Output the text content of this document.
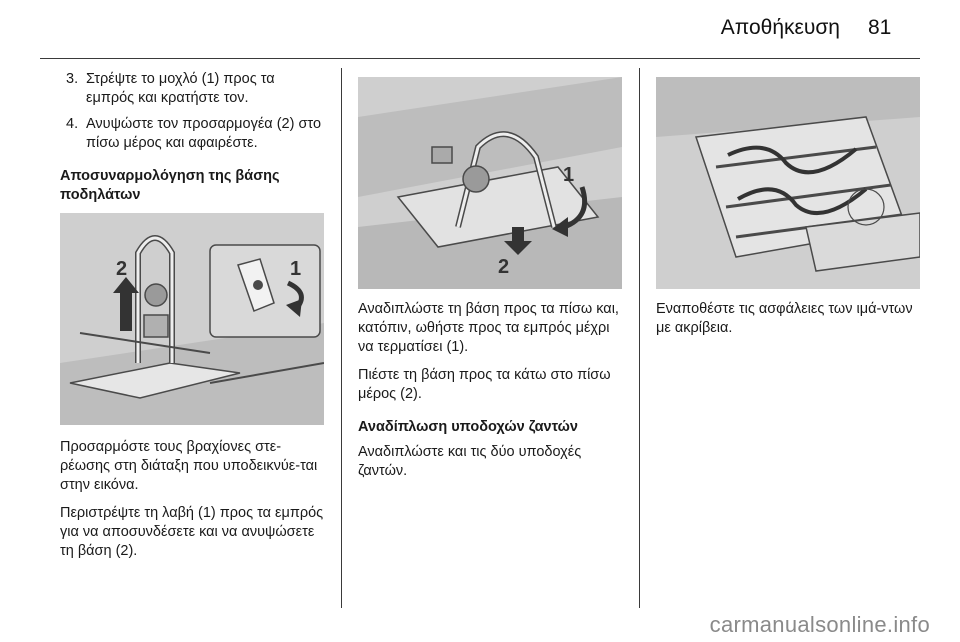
Αποθήκευση 81
3. Στρέψτε το μοχλό (1) προς τα εμπρός και κρατήστε τον.
4. Ανυψώστε τον προσαρμογέα (2) στο πίσω μέρος και αφαιρέστε.
Αποσυναρμολόγηση της βάσης ποδηλάτων
2	1

Προσαρμόστε τους βραχίονες στε-ρέωσης στη διάταξη που υποδεικνύε-ται στην εικόνα.

Περιστρέψτε τη λαβή (1) προς τα εμπρός για να αποσυνδέσετε και να ανυψώσετε τη βάση (2).

1
2

Αναδιπλώστε τη βάση προς τα πίσω και, κατόπιν, ωθήστε προς τα εμπρός μέχρι να τερματίσει (1).

Πιέστε τη βάση προς τα κάτω στο πίσω μέρος (2).

Αναδίπλωση υποδοχών ζαντών

Αναδιπλώστε και τις δύο υποδοχές ζαντών.

Εναποθέστε τις ασφάλειες των ιμά-ντων με ακρίβεια.

carmanualsonline.info
